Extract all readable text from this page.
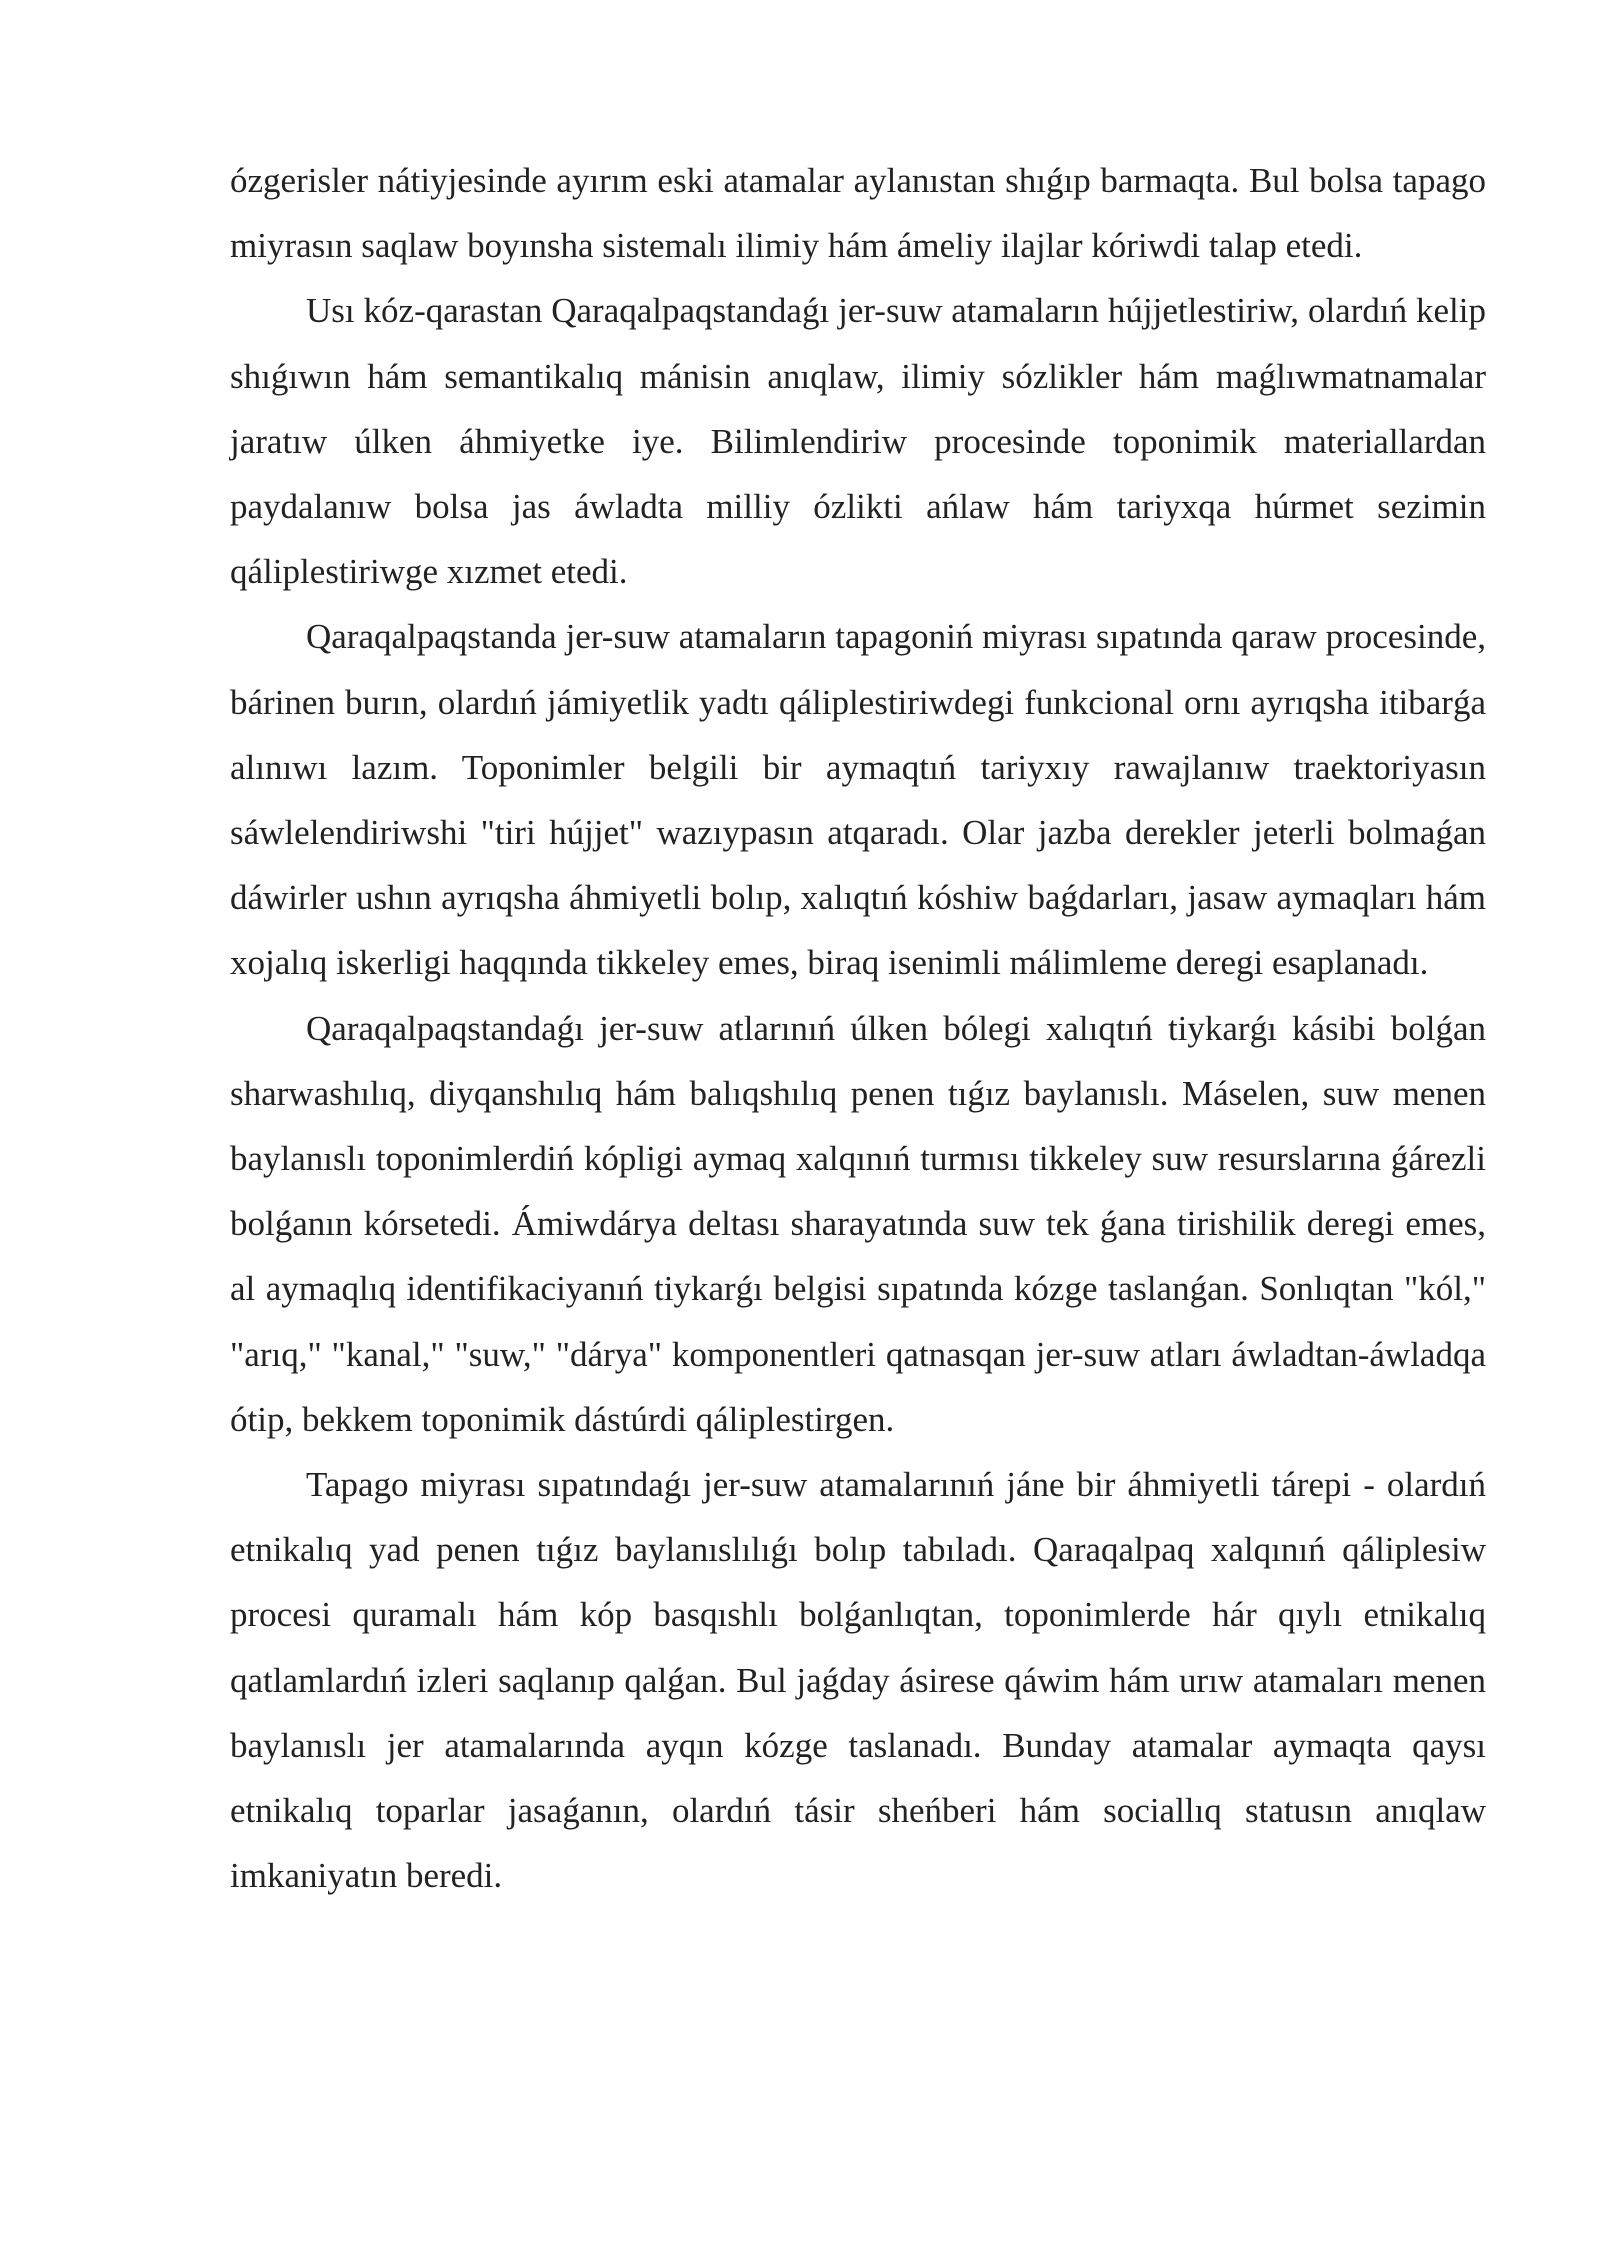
ózgerisler nátiyjesinde ayırım eski atamalar aylanıstan shıǵıp barmaqta. Bul bolsa tapago miyrasın saqlaw boyınsha sistemalı ilimiy hám ámeliy ilajlar kóriwdi talap etedi.

Usı kóz-qarastan Qaraqalpaqstandaǵı jer-suw atamaların hújjetlestiriw, olardıń kelip shıǵıwın hám semantikalıq mánisin anıqlaw, ilimiy sózlikler hám maǵlıwmatnamalar jaratıw úlken áhmiyetke iye. Bilimlendiriw procesinde toponimik materiallardan paydalanıw bolsa jas áwladta milliy ózlikti ańlaw hám tariyxqa húrmet sezimin qáliplestiriwge xızmet etedi.

Qaraqalpaqstanda jer-suw atamaların tapagoniń miyrası sıpatında qaraw procesinde, bárinen burın, olardıń jámiyetlik yadtı qáliplestiriwdegi funkcional ornı ayrıqsha itibarǵa alınıwı lazım. Toponimler belgili bir aymaqtıń tariyxıy rawajlanıw traektoriyasın sáwlelendiriwshi "tiri hújjet" wazıypasın atqaradı. Olar jazba derekler jeterli bolmaǵan dáwirler ushın ayrıqsha áhmiyetli bolıp, xalıqtıń kóshiw baǵdarları, jasaw aymaqları hám xojalıq iskerligi haqqında tikkeley emes, biraq isenimli málimleme deregi esaplanadı.

Qaraqalpaqstandaǵı jer-suw atlarınıń úlken bólegi xalıqtıń tiykarǵı kásibi bolǵan sharwashılıq, diyqanshılıq hám balıqshılıq penen tıǵız baylanıslı. Máselen, suw menen baylanıslı toponimlerdiń kópligi aymaq xalqınıń turmısı tikkeley suw resurslarına ǵárezli bolǵanın kórsetedi. Ámiwdárya deltası sharayatında suw tek ǵana tirishilik deregi emes, al aymaqlıq identifikaciyanıń tiykarǵı belgisi sıpatında kózge taslanǵan. Sonlıqtan "kól," "arıq," "kanal," "suw," "dárya" komponentleri qatnasqan jer-suw atları áwladtan-áwladqa ótip, bekkem toponimik dástúrdi qáliplestirgen.

Tapago miyrası sıpatındaǵı jer-suw atamalarınıń jáne bir áhmiyetli tárepi - olardıń etnikalıq yad penen tıǵız baylanıslılıǵı bolıp tabıladı. Qaraqalpaq xalqınıń qáliplesiw procesi quramalı hám kóp basqıshlı bolǵanlıqtan, toponimlerde hár qıylı etnikalıq qatlamlardıń izleri saqlanıp qalǵan. Bul jaǵday ásirese qáwim hám urıw atamaları menen baylanıslı jer atamalarında ayqın kózge taslanadı. Bunday atamalar aymaqta qaysı etnikalıq toparlar jasaǵanın, olardıń tásir sheńberi hám sociallıq statusın anıqlaw imkaniyatın beredi.
